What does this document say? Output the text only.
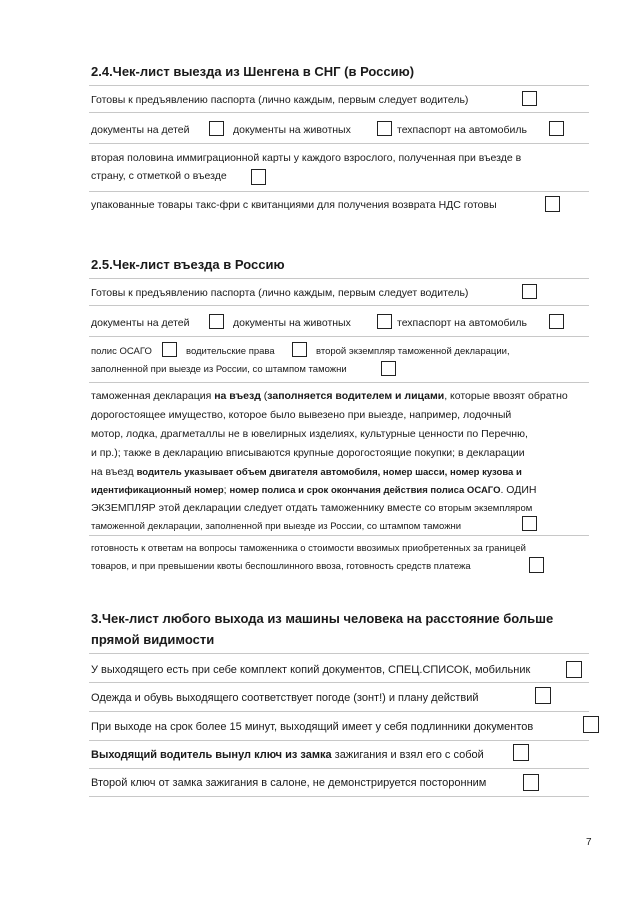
2.4.Чек-лист выезда из Шенгена в СНГ (в Россию)
Готовы к предъявлению паспорта (лично каждым, первым следует водитель)
документы на детей	документы на животных	техпаспорт на автомобиль
вторая половина иммиграционной карты у каждого взрослого, полученная при въезде в
страну, с отметкой о въезде
упакованные товары такс-фри с квитанциями для получения возврата НДС готовы
2.5.Чек-лист въезда в Россию
Готовы к предъявлению паспорта (лично каждым, первым следует водитель)
документы на детей	документы на животных	техпаспорт на автомобиль
полис ОСАГО	водительские права	второй экземпляр таможенной декларации,
заполненной при выезде из России, со штампом таможни
таможенная декларация на въезд (заполняется водителем и лицами, которые ввозят обратно
дорогостоящее имущество, которое было вывезено при выезде, например, лодочный
мотор, лодка, драгметаллы не в ювелирных изделиях, культурные ценности по Перечню,
и пр.); также в декларацию вписываются крупные дорогостоящие покупки; в декларации
на въезд водитель указывает объем двигателя автомобиля, номер шасси, номер кузова и
идентификационный номер; номер полиса и срок окончания действия полиса ОСАГО. ОДИН
ЭКЗЕМПЛЯР этой декларации следует отдать таможеннику вместе со вторым экземпляром
таможенной декларации, заполненной при выезде из России, со штампом таможни
готовность к ответам на вопросы таможенника о стоимости ввозимых приобретенных за границей
товаров, и при превышении квоты беспошлинного ввоза, готовность средств платежа
3.Чек-лист любого выхода из машины человека на расстояние больше
прямой видимости
У выходящего есть при себе комплект копий документов, СПЕЦ.СПИСОК, мобильник
Одежда и обувь выходящего соответствует погоде (зонт!) и плану действий
При выходе на срок более 15 минут, выходящий имеет у себя подлинники документов
Выходящий водитель вынул ключ из замка зажигания и взял его с собой
Второй ключ от замка зажигания в салоне, не демонстрируется посторонним
7
